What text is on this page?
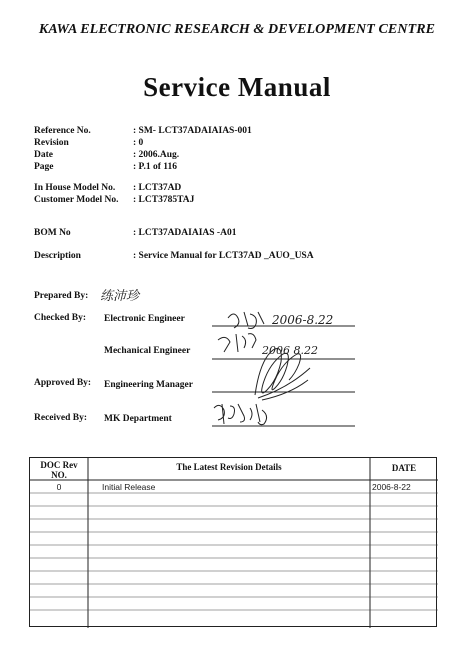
KAWA ELECTRONIC RESEARCH & DEVELOPMENT CENTRE
Service Manual
Reference No.	: SM- LCT37ADAIAIAS-001
Revision	: 0
Date	: 2006.Aug.
Page	: P.1 of 116
In House Model No. : LCT37AD
Customer Model No. : LCT3785TAJ
BOM No	: LCT37ADAIAIAS -A01
Description	: Service Manual for LCT37AD _AUO_USA
Prepared By: 练沛珍
Checked By: Electronic Engineer	2006-8.22
Mechanical Engineer	2006 8.22
Approved By: Engineering Manager
Received By: MK Department
DOC Rev
NO.
The Latest Revision Details	DATE
0	Initial Release	2006-8-22
